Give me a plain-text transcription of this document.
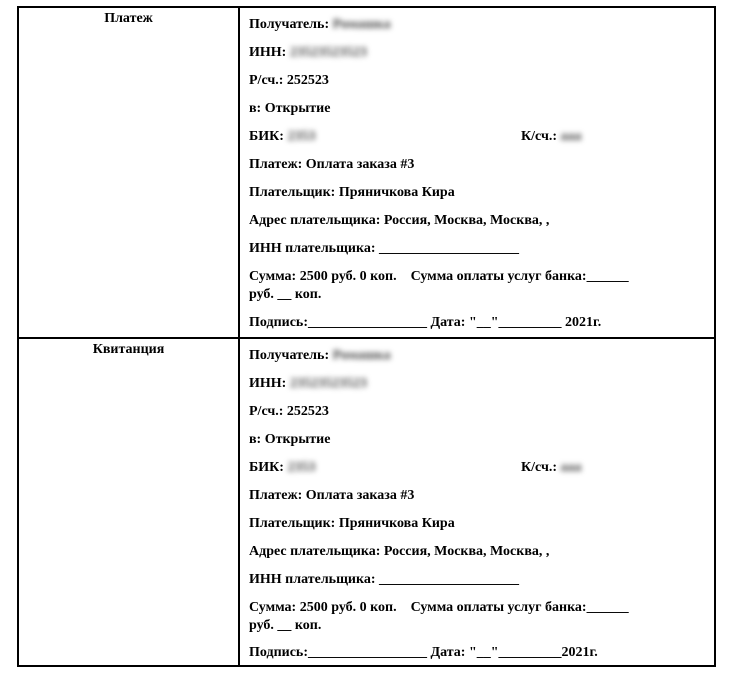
Платеж	Получатель: Ромашка
ИНН: 23523523523
Р/сч.: 252523
в: Открытие
БИК: 2353	К/сч.: ааа
Платеж: Оплата заказа #3
Плательщик: Пряничкова Кира
Адрес плательщика: Россия, Москва, Москва, ,
ИНН плательщика: ____________________
Сумма: 2500 руб. 0 коп.    Сумма оплаты услуг банка:______
руб. __ коп.
Подпись:_________________ Дата: "__"_________ 2021г.
Квитанция	Получатель: Ромашка
ИНН: 23523523523
Р/сч.: 252523
в: Открытие
БИК: 2353	К/сч.: ааа
Платеж: Оплата заказа #3
Плательщик: Пряничкова Кира
Адрес плательщика: Россия, Москва, Москва, ,
ИНН плательщика: ____________________
Сумма: 2500 руб. 0 коп.    Сумма оплаты услуг банка:______
руб. __ коп.
Подпись:_________________ Дата: "__"_________2021г.
